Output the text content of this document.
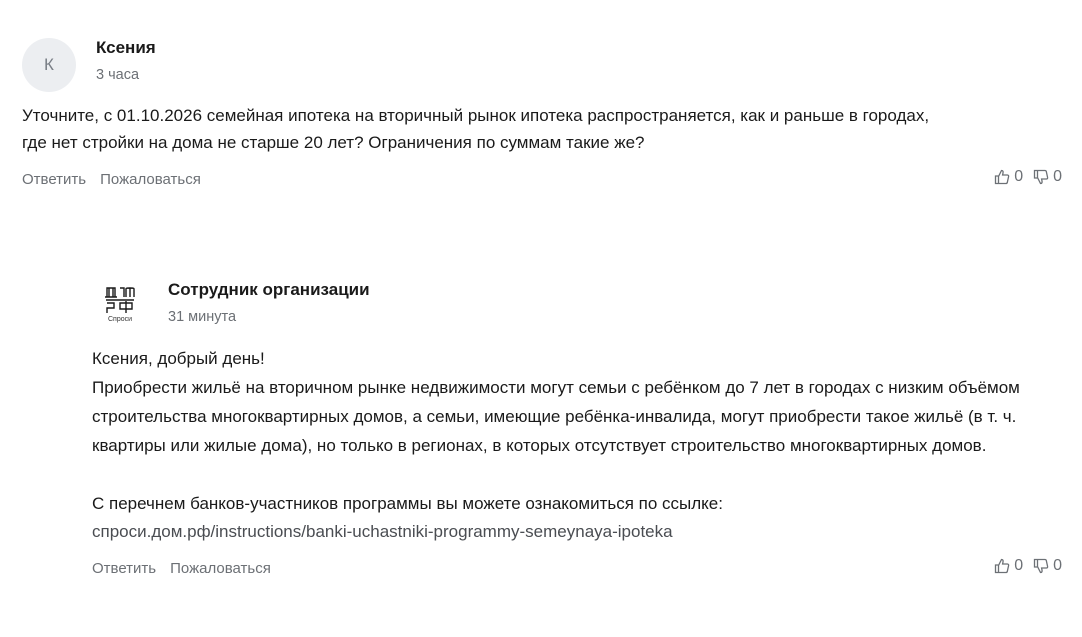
К
Ксения
3 часа
Уточните, с 01.10.2026 семейная ипотека на вторичный рынок ипотека распространяется, как и раньше в городах, где нет стройки на дома не старше 20 лет? Ограничения по суммам такие же?
Ответить Пожаловаться	0 0
Спроси
Сотрудник организации
31 минута

Ксения, добрый день!

Приобрести жильё на вторичном рынке недвижимости могут семьи с ребёнком до 7 лет в городах с низким объёмом строительства многоквартирных домов, а семьи, имеющие ребёнка-инвалида, могут приобрести такое жильё (в т. ч. квартиры или жилые дома), но только в регионах, в которых отсутствует строительство многоквартирных домов.

С перечнем банков-участников программы вы можете ознакомиться по ссылке:

спроси.дом.рф/instructions/banki-uchastniki-programmy-semeynaya-ipoteka

Ответить Пожаловаться	0 0
